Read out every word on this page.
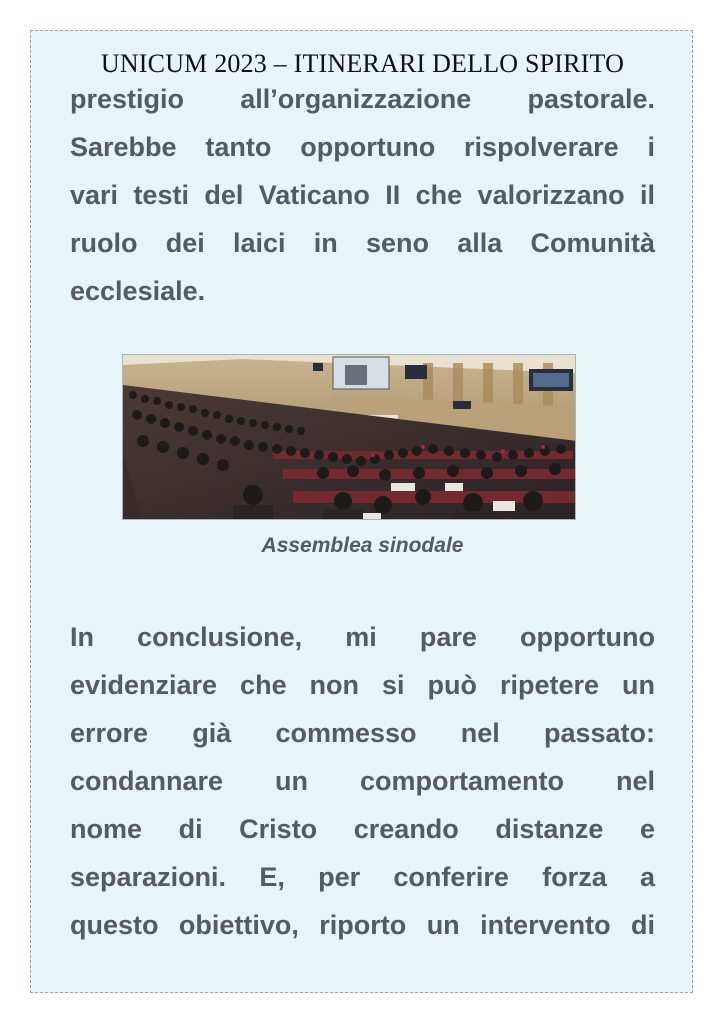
UNICUM 2023 – ITINERARI DELLO SPIRITO
prestigio all’organizzazione pastorale.
Sarebbe tanto opportuno rispolverare i
vari testi del Vaticano II che valorizzano il
ruolo dei laici in seno alla Comunità
ecclesiale.
Assemblea sinodale
In conclusione, mi pare opportuno
evidenziare che non si può ripetere un
errore già commesso nel passato:
condannare un comportamento nel
nome di Cristo creando distanze e
separazioni. E, per conferire forza a
questo obiettivo, riporto un intervento di
